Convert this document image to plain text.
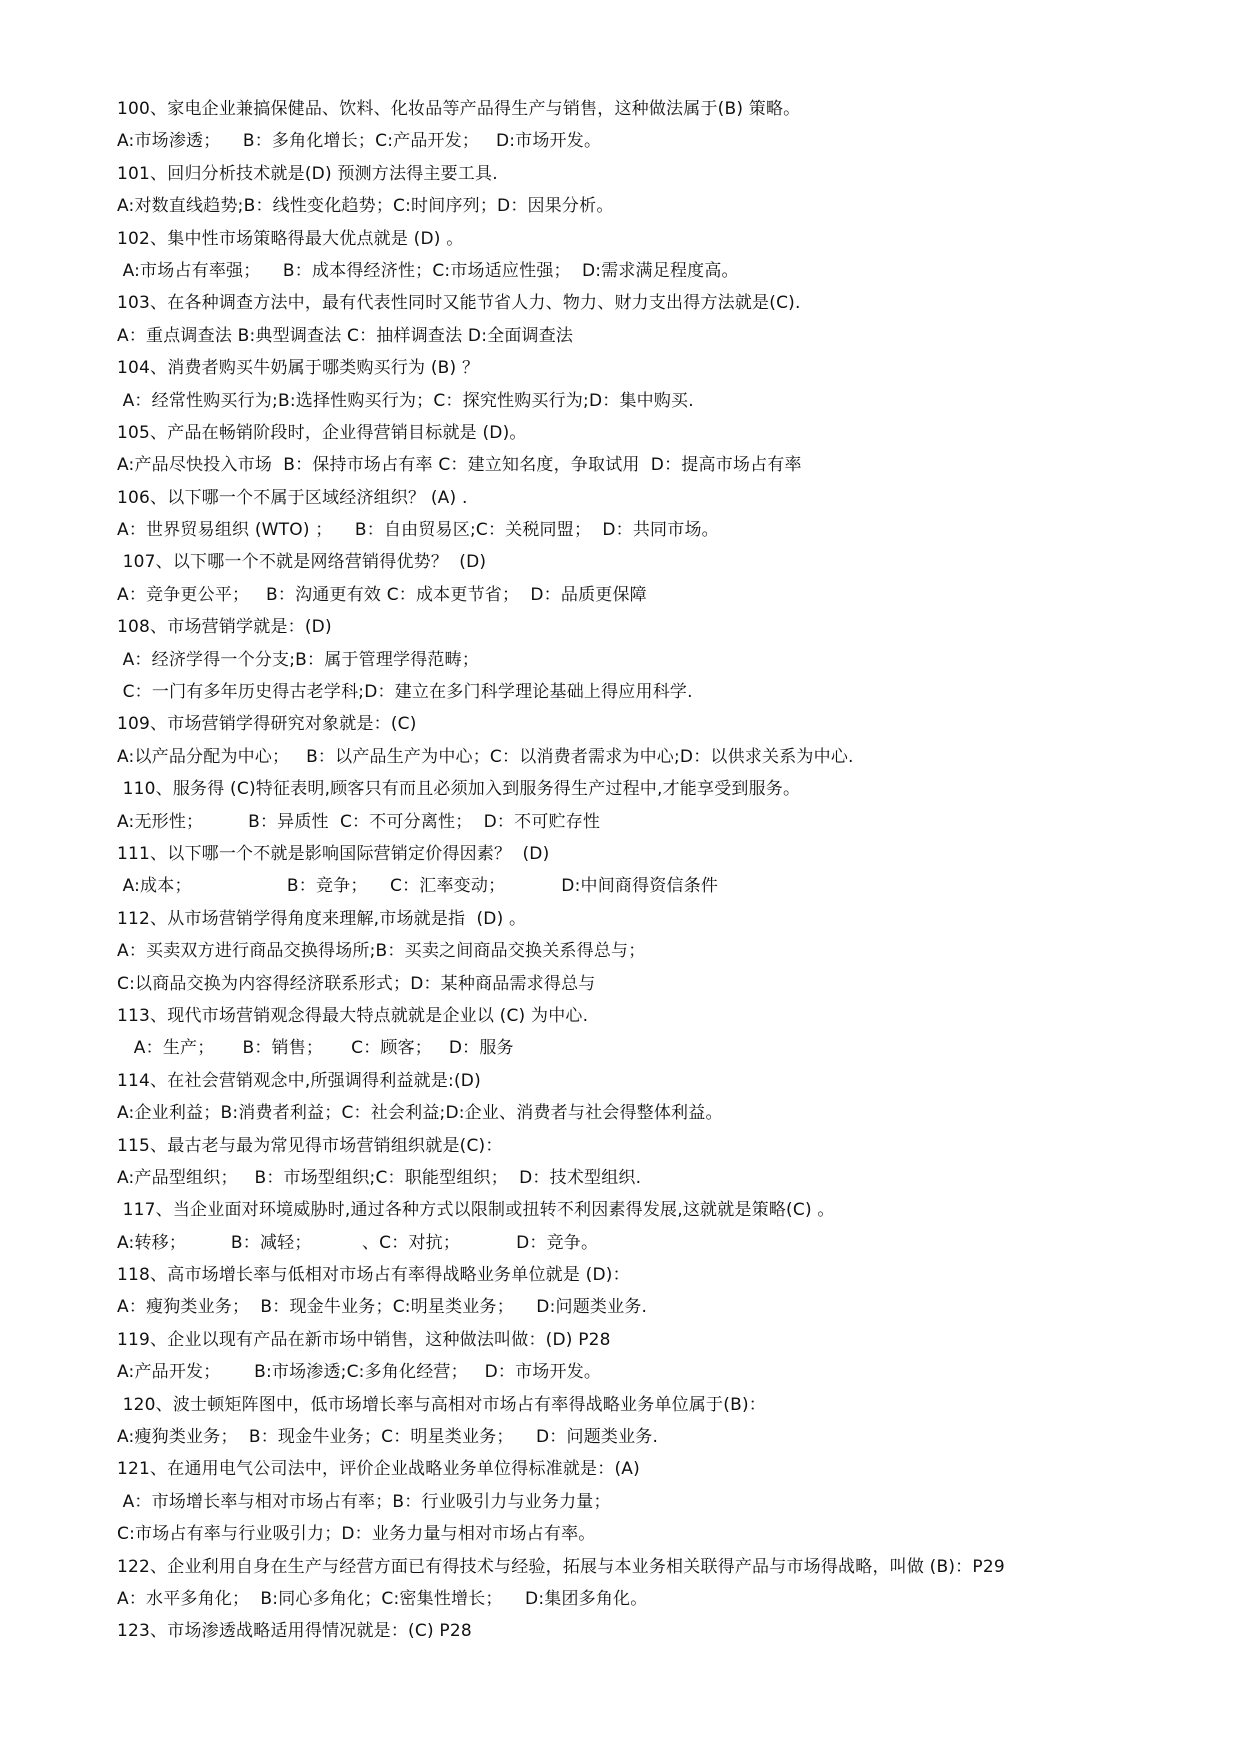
100、家电企业兼搞保健品、饮料、化妆品等产品得生产与销售，这种做法属于(B) 策略。
A:市场渗透；    B：多角化增长；C:产品开发；   D:市场开发。
101、回归分析技术就是(D) 预测方法得主要工具.
A:对数直线趋势;B：线性变化趋势；C:时间序列；D：因果分析。
102、集中性市场策略得最大优点就是 (D) 。
A:市场占有率强；    B：成本得经济性；C:市场适应性强；  D:需求满足程度高。
103、在各种调查方法中，最有代表性同时又能节省人力、物力、财力支出得方法就是(C).
A：重点调查法 B:典型调查法 C：抽样调查法 D:全面调查法
104、消费者购买牛奶属于哪类购买行为 (B) ？
A：经常性购买行为;B:选择性购买行为；C：探究性购买行为;D：集中购买.
105、产品在畅销阶段时，企业得营销目标就是 (D)。
A:产品尽快投入市场  B：保持市场占有率 C：建立知名度，争取试用  D：提高市场占有率
106、以下哪一个不属于区域经济组织？ (A) .
A：世界贸易组织 (WTO) ；    B：自由贸易区;C：关税同盟；  D：共同市场。
107、以下哪一个不就是网络营销得优势？  (D)
A：竞争更公平；   B：沟通更有效 C：成本更节省；  D：品质更保障
108、市场营销学就是：(D)
A：经济学得一个分支;B：属于管理学得范畴；
C：一门有多年历史得古老学科;D：建立在多门科学理论基础上得应用科学.
109、市场营销学得研究对象就是：(C)
A:以产品分配为中心；   B：以产品生产为中心；C：以消费者需求为中心;D：以供求关系为中心.
110、服务得 (C)特征表明,顾客只有而且必须加入到服务得生产过程中,才能享受到服务。
A:无形性；        B：异质性  C：不可分离性；  D：不可贮存性
111、以下哪一个不就是影响国际营销定价得因素？  (D)
A:成本；                 B：竞争；    C：汇率变动；          D:中间商得资信条件
112、从市场营销学得角度来理解,市场就是指  (D) 。
A：买卖双方进行商品交换得场所;B：买卖之间商品交换关系得总与；
C:以商品交换为内容得经济联系形式；D：某种商品需求得总与
113、现代市场营销观念得最大特点就就是企业以 (C) 为中心.
A：生产；     B：销售；     C：顾客；   D：服务
114、在社会营销观念中,所强调得利益就是:(D)
A:企业利益；B:消费者利益；C：社会利益;D:企业、消费者与社会得整体利益。
115、最古老与最为常见得市场营销组织就是(C)：
A:产品型组织；   B：市场型组织;C：职能型组织；  D：技术型组织.
117、当企业面对环境威胁时,通过各种方式以限制或扭转不利因素得发展,这就就是策略(C) 。
A:转移；        B：减轻；         、C：对抗；          D：竞争。
118、高市场增长率与低相对市场占有率得战略业务单位就是 (D)：
A：瘦狗类业务；  B：现金牛业务；C:明星类业务；    D:问题类业务.
119、企业以现有产品在新市场中销售，这种做法叫做：(D) P28
A:产品开发；      B:市场渗透;C:多角化经营；   D：市场开发。
120、波士顿矩阵图中，低市场增长率与高相对市场占有率得战略业务单位属于(B)：
A:瘦狗类业务；  B：现金牛业务；C：明星类业务；    D：问题类业务.
121、在通用电气公司法中，评价企业战略业务单位得标准就是：(A)
A：市场增长率与相对市场占有率；B：行业吸引力与业务力量；
C:市场占有率与行业吸引力；D：业务力量与相对市场占有率。
122、企业利用自身在生产与经营方面已有得技术与经验，拓展与本业务相关联得产品与市场得战略，叫做 (B)：P29
A：水平多角化；  B:同心多角化；C:密集性增长；    D:集团多角化。
123、市场渗透战略适用得情况就是：(C) P28
